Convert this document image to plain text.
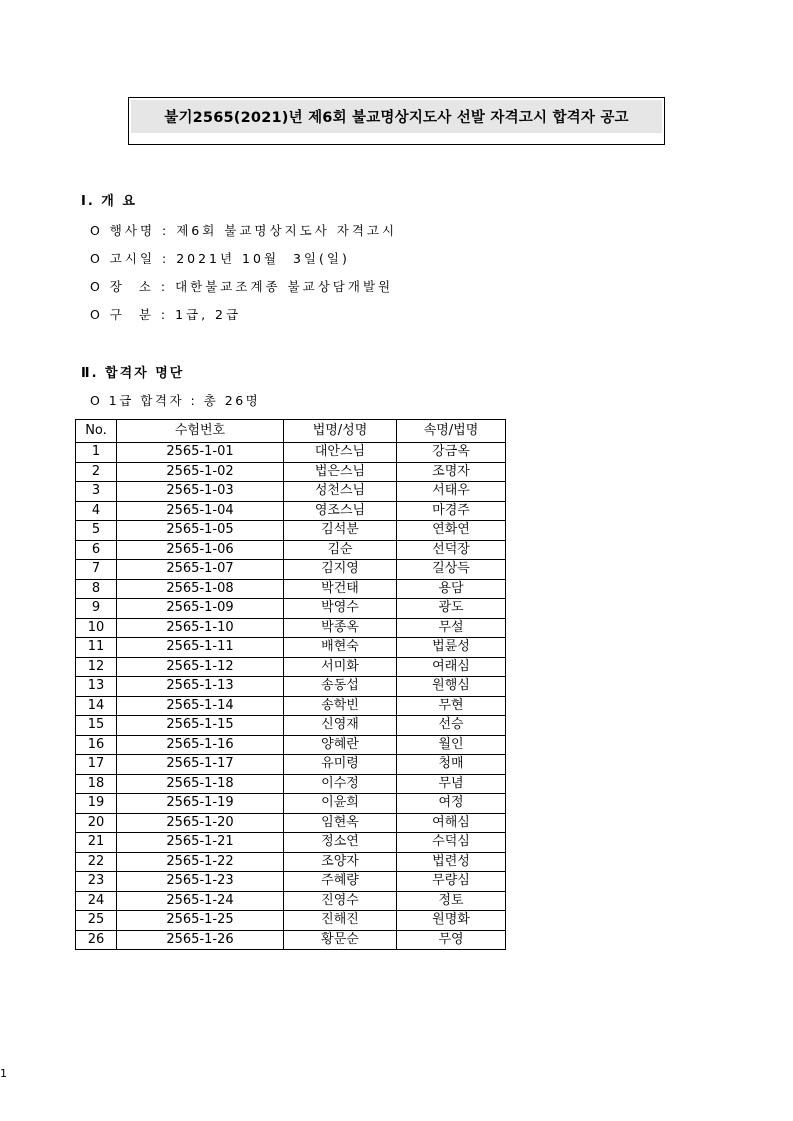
불기2565(2021)년 제6회 불교명상지도사 선발 자격고시 합격자 공고
Ⅰ. 개 요
O 행사명 : 제6회 불교명상지도사 자격고시
O 고시일 : 2021년 10월  3일(일)
O 장  소 : 대한불교조계종 불교상담개발원
O 구  분 : 1급, 2급
Ⅱ. 합격자 명단
O 1급 합격자 : 총 26명
No.	수험번호	법명/성명	속명/법명
1	2565-1-01	대안스님	강금옥
2	2565-1-02	법은스님	조명자
3	2565-1-03	성천스님	서태우
4	2565-1-04	영조스님	마경주
5	2565-1-05	김석분	연화연
6	2565-1-06	김순	선덕장
7	2565-1-07	김지영	길상득
8	2565-1-08	박건태	용담
9	2565-1-09	박영수	광도
10	2565-1-10	박종옥	무설
11	2565-1-11	배현숙	법륜성
12	2565-1-12	서미화	여래심
13	2565-1-13	송동섭	원행심
14	2565-1-14	송학빈	무현
15	2565-1-15	신영재	선승
16	2565-1-16	양혜란	월인
17	2565-1-17	유미령	청매
18	2565-1-18	이수정	무념
19	2565-1-19	이윤희	여정
20	2565-1-20	임현옥	여해심
21	2565-1-21	정소연	수덕심
22	2565-1-22	조양자	법련성
23	2565-1-23	주혜량	무량심
24	2565-1-24	진영수	정토
25	2565-1-25	진해진	원명화
26	2565-1-26	황문순	무영
1
